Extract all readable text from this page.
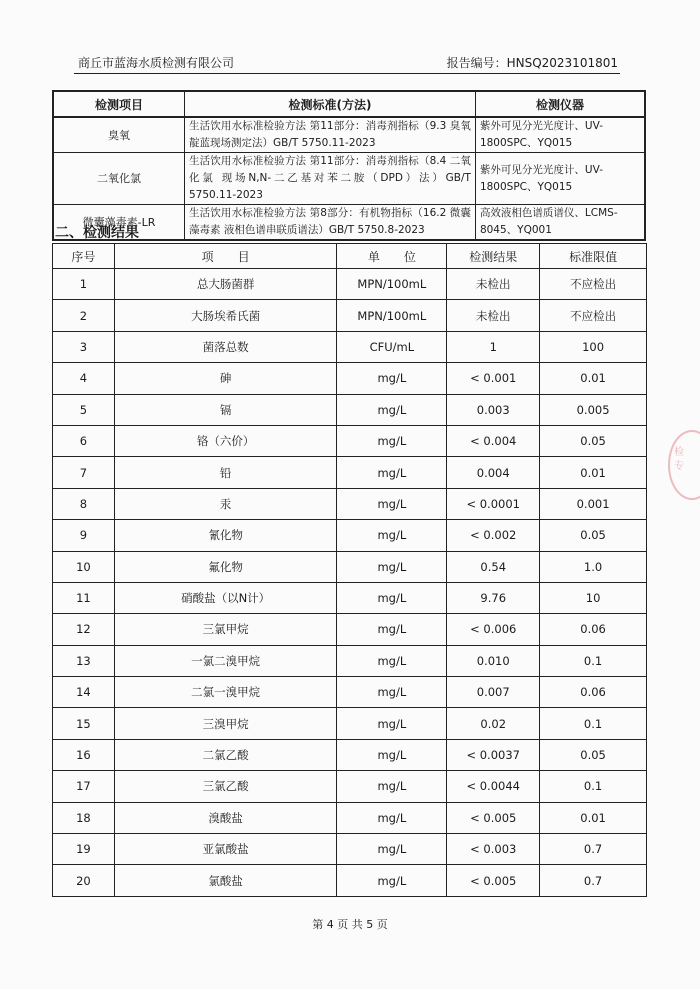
商丘市蓝海水质检测有限公司	报告编号：HNSQ2023101801
检测项目	检测标准(方法)	检测仪器
臭氧	生活饮用水标准检验方法 第11部分：消毒剂指标（9.3 臭氧 靛蓝现场测定法）GB/T 5750.11-2023	紫外可见分光光度计、UV-1800SPC、YQ015
二氧化氯	生活饮用水标准检验方法 第11部分：消毒剂指标（8.4 二氧化氯 现场N,N-二乙基对苯二胺（DPD）法）GB/T 5750.11-2023	紫外可见分光光度计、UV-1800SPC、YQ015
微囊藻毒素-LR	生活饮用水标准检验方法 第8部分：有机物指标（16.2 微囊藻毒素 液相色谱串联质谱法）GB/T 5750.8-2023	高效液相色谱质谱仪、LCMS-8045、YQ001
二、检测结果
序号	项　　目	单　　位	检测结果	标准限值
1	总大肠菌群	MPN/100mL	未检出	不应检出
2	大肠埃希氏菌	MPN/100mL	未检出	不应检出
3	菌落总数	CFU/mL	1	100
4	砷	mg/L	< 0.001	0.01
5	镉	mg/L	0.003	0.005
6	铬（六价）	mg/L	< 0.004	0.05
7	铅	mg/L	0.004	0.01
8	汞	mg/L	< 0.0001	0.001
9	氰化物	mg/L	< 0.002	0.05
10	氟化物	mg/L	0.54	1.0
11	硝酸盐（以N计）	mg/L	9.76	10
12	三氯甲烷	mg/L	< 0.006	0.06
13	一氯二溴甲烷	mg/L	0.010	0.1
14	二氯一溴甲烷	mg/L	0.007	0.06
15	三溴甲烷	mg/L	0.02	0.1
16	二氯乙酸	mg/L	< 0.0037	0.05
17	三氯乙酸	mg/L	< 0.0044	0.1
18	溴酸盐	mg/L	< 0.005	0.01
19	亚氯酸盐	mg/L	< 0.003	0.7
20	氯酸盐	mg/L	< 0.005	0.7
检
专
第 4 页 共 5 页
